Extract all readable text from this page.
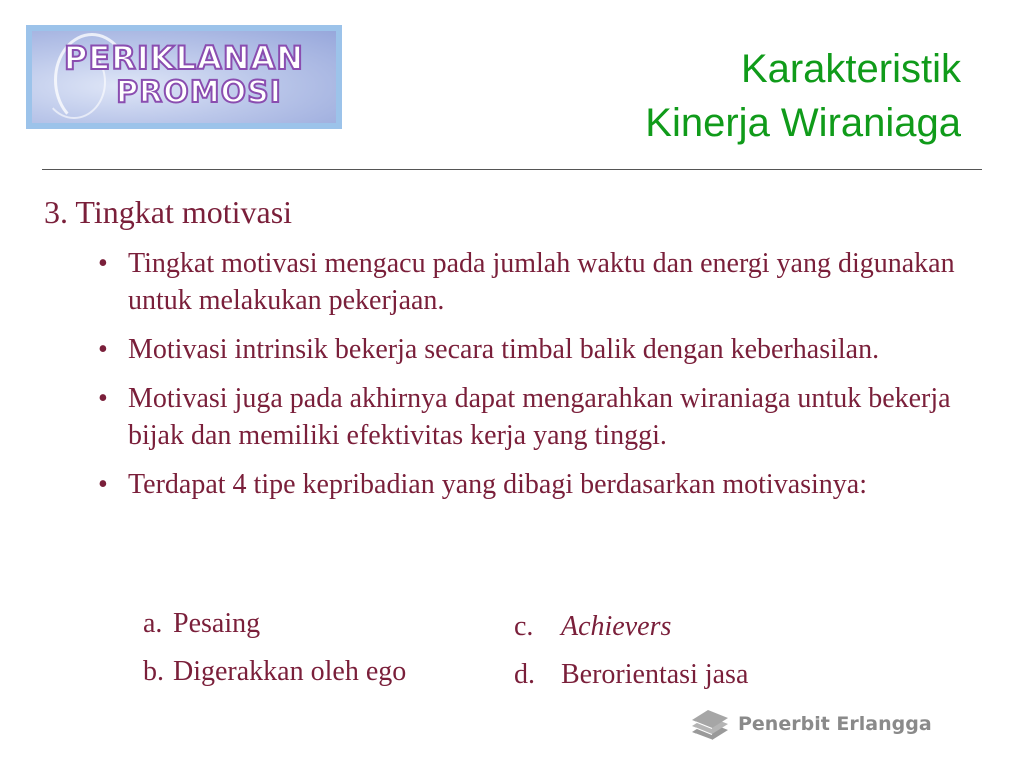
PERIKLANAN
PROMOSI
Karakteristik
Kinerja Wiraniaga
3. Tingkat motivasi
• Tingkat motivasi mengacu pada jumlah waktu dan energi yang digunakan untuk melakukan pekerjaan.
• Motivasi intrinsik bekerja secara timbal balik dengan keberhasilan.
• Motivasi juga pada akhirnya dapat mengarahkan wiraniaga untuk bekerja bijak dan memiliki efektivitas kerja yang tinggi.
• Terdapat 4 tipe kepribadian yang dibagi berdasarkan motivasinya:
a. Pesaing
b. Digerakkan oleh ego
c. Achievers
d. Berorientasi jasa
Penerbit Erlangga
